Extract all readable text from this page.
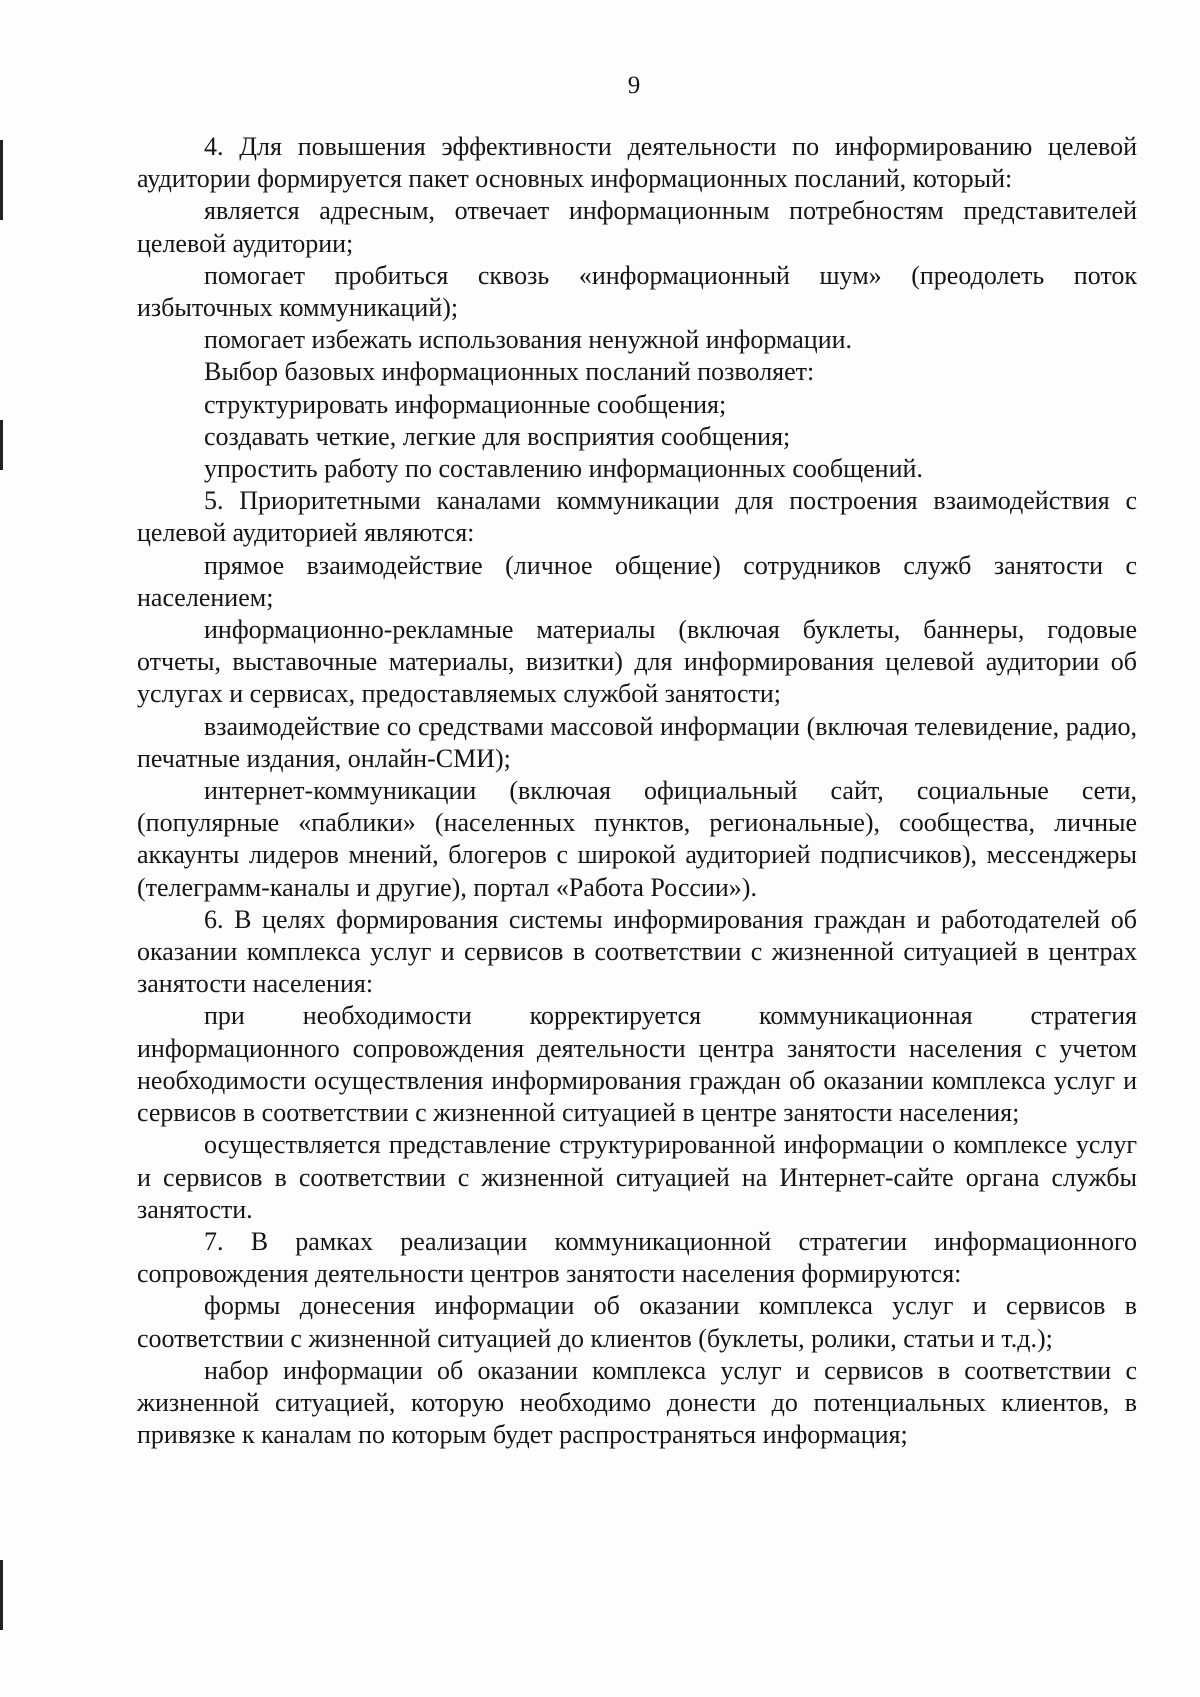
9

4. Для повышения эффективности деятельности по информированию целевой аудитории формируется пакет основных информационных посланий, который:

является адресным, отвечает информационным потребностям представителей целевой аудитории;

помогает пробиться сквозь «информационный шум» (преодолеть поток избыточных коммуникаций);

помогает избежать использования ненужной информации.

Выбор базовых информационных посланий позволяет:

структурировать информационные сообщения;

создавать четкие, легкие для восприятия сообщения;

упростить работу по составлению информационных сообщений.

5. Приоритетными каналами коммуникации для построения взаимодействия с целевой аудиторией являются:

прямое взаимодействие (личное общение) сотрудников служб занятости с населением;

информационно-рекламные материалы (включая буклеты, баннеры, годовые отчеты, выставочные материалы, визитки) для информирования целевой аудитории об услугах и сервисах, предоставляемых службой занятости;

взаимодействие со средствами массовой информации (включая телевидение, радио, печатные издания, онлайн-СМИ);

интернет-коммуникации (включая официальный сайт, социальные сети, (популярные «паблики» (населенных пунктов, региональные), сообщества, личные аккаунты лидеров мнений, блогеров с широкой аудиторией подписчиков), мессенджеры (телеграмм-каналы и другие), портал «Работа России»).

6. В целях формирования системы информирования граждан и работодателей об оказании комплекса услуг и сервисов в соответствии с жизненной ситуацией в центрах занятости населения:

при необходимости корректируется коммуникационная стратегия информационного сопровождения деятельности центра занятости населения с учетом необходимости осуществления информирования граждан об оказании комплекса услуг и сервисов в соответствии с жизненной ситуацией в центре занятости населения;

осуществляется представление структурированной информации о комплексе услуг и сервисов в соответствии с жизненной ситуацией на Интернет-сайте органа службы занятости.

7. В рамках реализации коммуникационной стратегии информационного сопровождения деятельности центров занятости населения формируются:

формы донесения информации об оказании комплекса услуг и сервисов в соответствии с жизненной ситуацией до клиентов (буклеты, ролики, статьи и т.д.);

набор информации об оказании комплекса услуг и сервисов в соответствии с жизненной ситуацией, которую необходимо донести до потенциальных клиентов, в привязке к каналам по которым будет распространяться информация;
